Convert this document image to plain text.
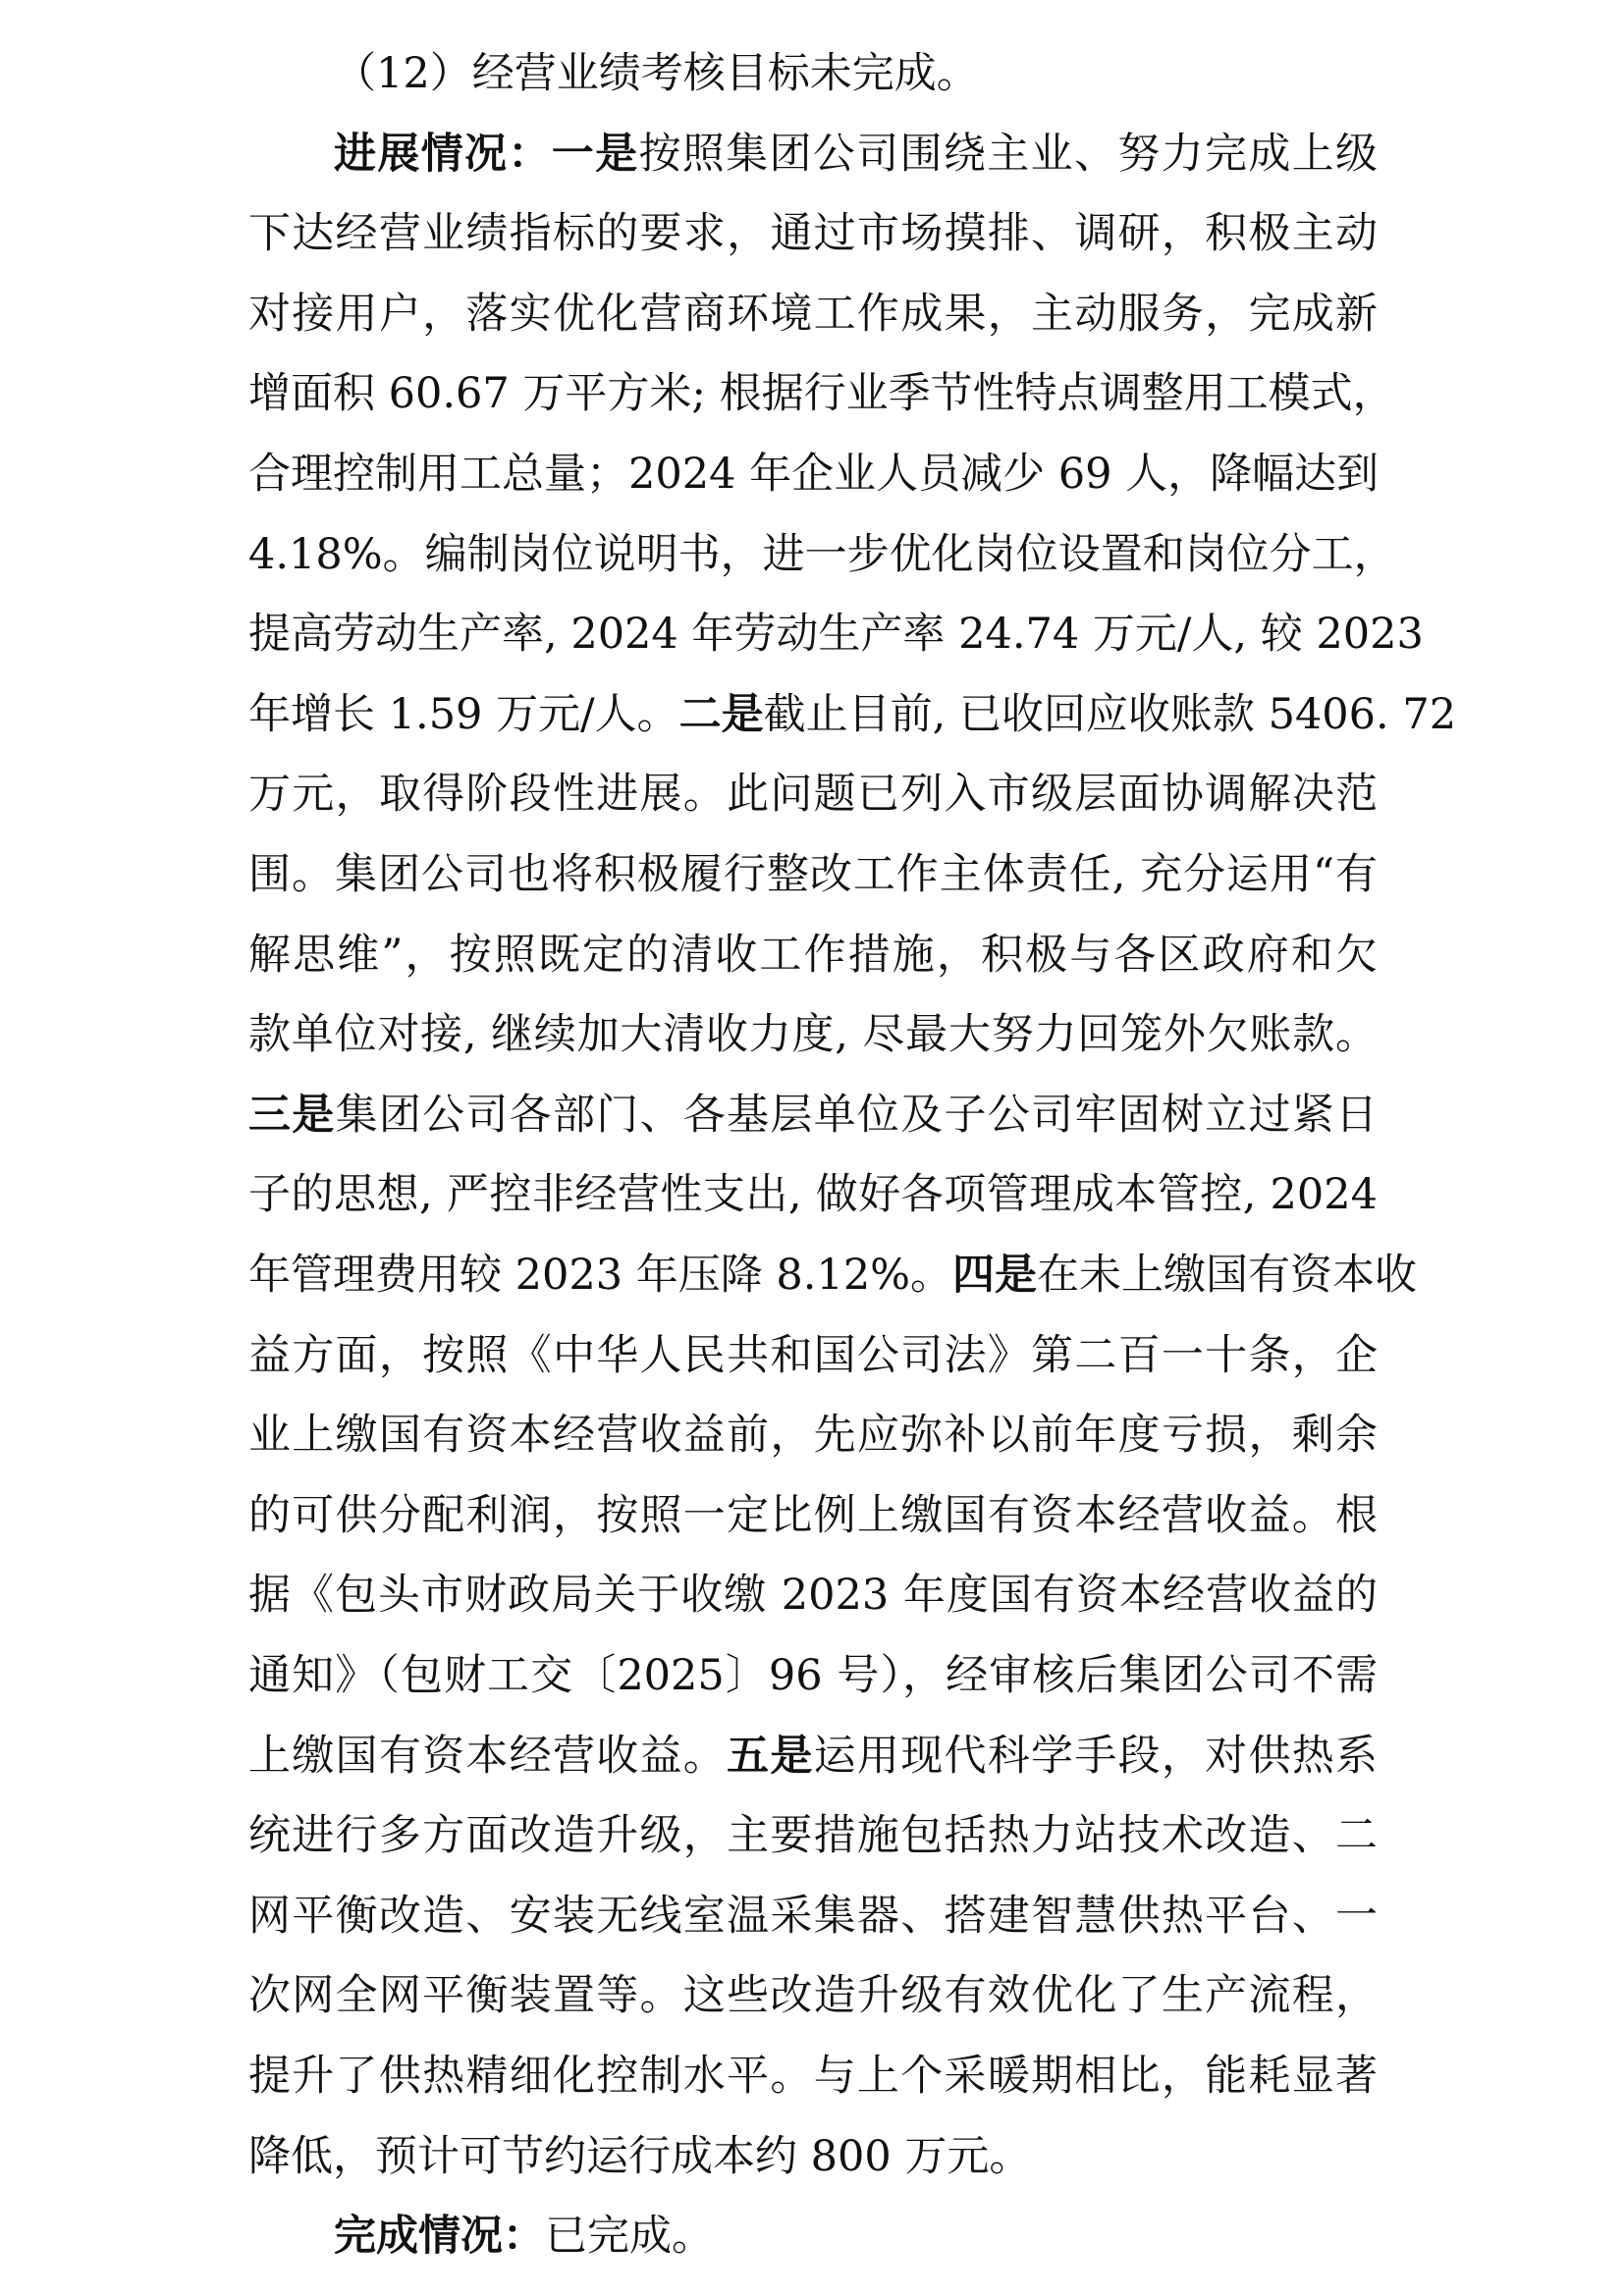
（12）经营业绩考核目标未完成。
进展情况：一是按照集团公司围绕主业、努力完成上级
下达经营业绩指标的要求，通过市场摸排、调研，积极主动
对接用户，落实优化营商环境工作成果，主动服务，完成新
增面积 60.67 万平方米; 根据行业季节性特点调整用工模式，
合理控制用工总量；2024 年企业人员减少 69 人，降幅达到
4.18%。编制岗位说明书，进一步优化岗位设置和岗位分工，
提高劳动生产率, 2024 年劳动生产率 24.74 万元/人, 较 2023
年增长 1.59 万元/人。二是截止目前, 已收回应收账款 5406. 72
万元，取得阶段性进展。此问题已列入市级层面协调解决范
围。集团公司也将积极履行整改工作主体责任, 充分运用“有
解思维”，按照既定的清收工作措施，积极与各区政府和欠
款单位对接, 继续加大清收力度, 尽最大努力回笼外欠账款。
三是集团公司各部门、各基层单位及子公司牢固树立过紧日
子的思想, 严控非经营性支出, 做好各项管理成本管控, 2024
年管理费用较 2023 年压降 8.12%。四是在未上缴国有资本收
益方面，按照《中华人民共和国公司法》第二百一十条，企
业上缴国有资本经营收益前，先应弥补以前年度亏损，剩余
的可供分配利润，按照一定比例上缴国有资本经营收益。根
据《包头市财政局关于收缴 2023 年度国有资本经营收益的
通知》（包财工交〔2025〕96 号），经审核后集团公司不需
上缴国有资本经营收益。五是运用现代科学手段，对供热系
统进行多方面改造升级，主要措施包括热力站技术改造、二
网平衡改造、安装无线室温采集器、搭建智慧供热平台、一
次网全网平衡装置等。这些改造升级有效优化了生产流程，
提升了供热精细化控制水平。与上个采暖期相比，能耗显著
降低，预计可节约运行成本约 800 万元。
完成情况：已完成。
